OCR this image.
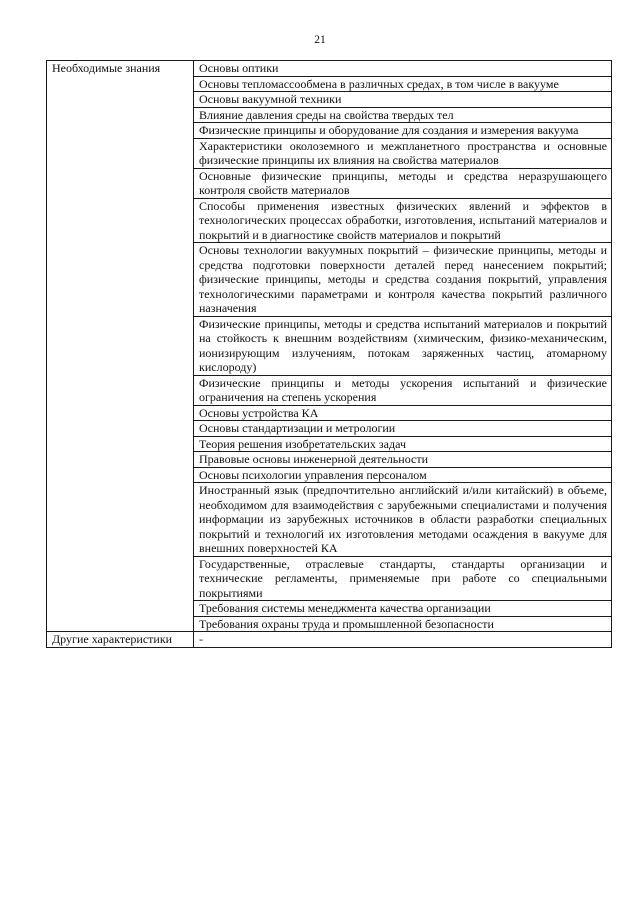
21
Необходимые знания	Основы оптики
	Основы тепломассообмена в различных средах, в том числе в вакууме
	Основы вакуумной техники
	Влияние давления среды на свойства твердых тел
	Физические принципы и оборудование для создания и измерения вакуума
	Характеристики околоземного и межпланетного пространства и основные физические принципы их влияния на свойства материалов
	Основные физические принципы, методы и средства неразрушающего контроля свойств материалов
	Способы применения известных физических явлений и эффектов в технологических процессах обработки, изготовления, испытаний материалов и покрытий и в диагностике свойств материалов и покрытий
	Основы технологии вакуумных покрытий – физические принципы, методы и средства подготовки поверхности деталей перед нанесением покрытий; физические принципы, методы и средства создания покрытий, управления технологическими параметрами и контроля качества покрытий различного назначения
	Физические принципы, методы и средства испытаний материалов и покрытий на стойкость к внешним воздействиям (химическим, физико-механическим, ионизирующим излучениям, потокам заряженных частиц, атомарному кислороду)
	Физические принципы и методы ускорения испытаний и физические ограничения на степень ускорения
	Основы устройства КА
	Основы стандартизации и метрологии
	Теория решения изобретательских задач
	Правовые основы инженерной деятельности
	Основы психологии управления персоналом
	Иностранный язык (предпочтительно английский и/или китайский) в объеме, необходимом для взаимодействия с зарубежными специалистами и получения информации из зарубежных источников в области разработки специальных покрытий и технологий их изготовления методами осаждения в вакууме для внешних поверхностей КА
	Государственные, отраслевые стандарты, стандарты организации и технические регламенты, применяемые при работе со специальными покрытиями
	Требования системы менеджмента качества организации
	Требования охраны труда и промышленной безопасности
Другие характеристики	-
